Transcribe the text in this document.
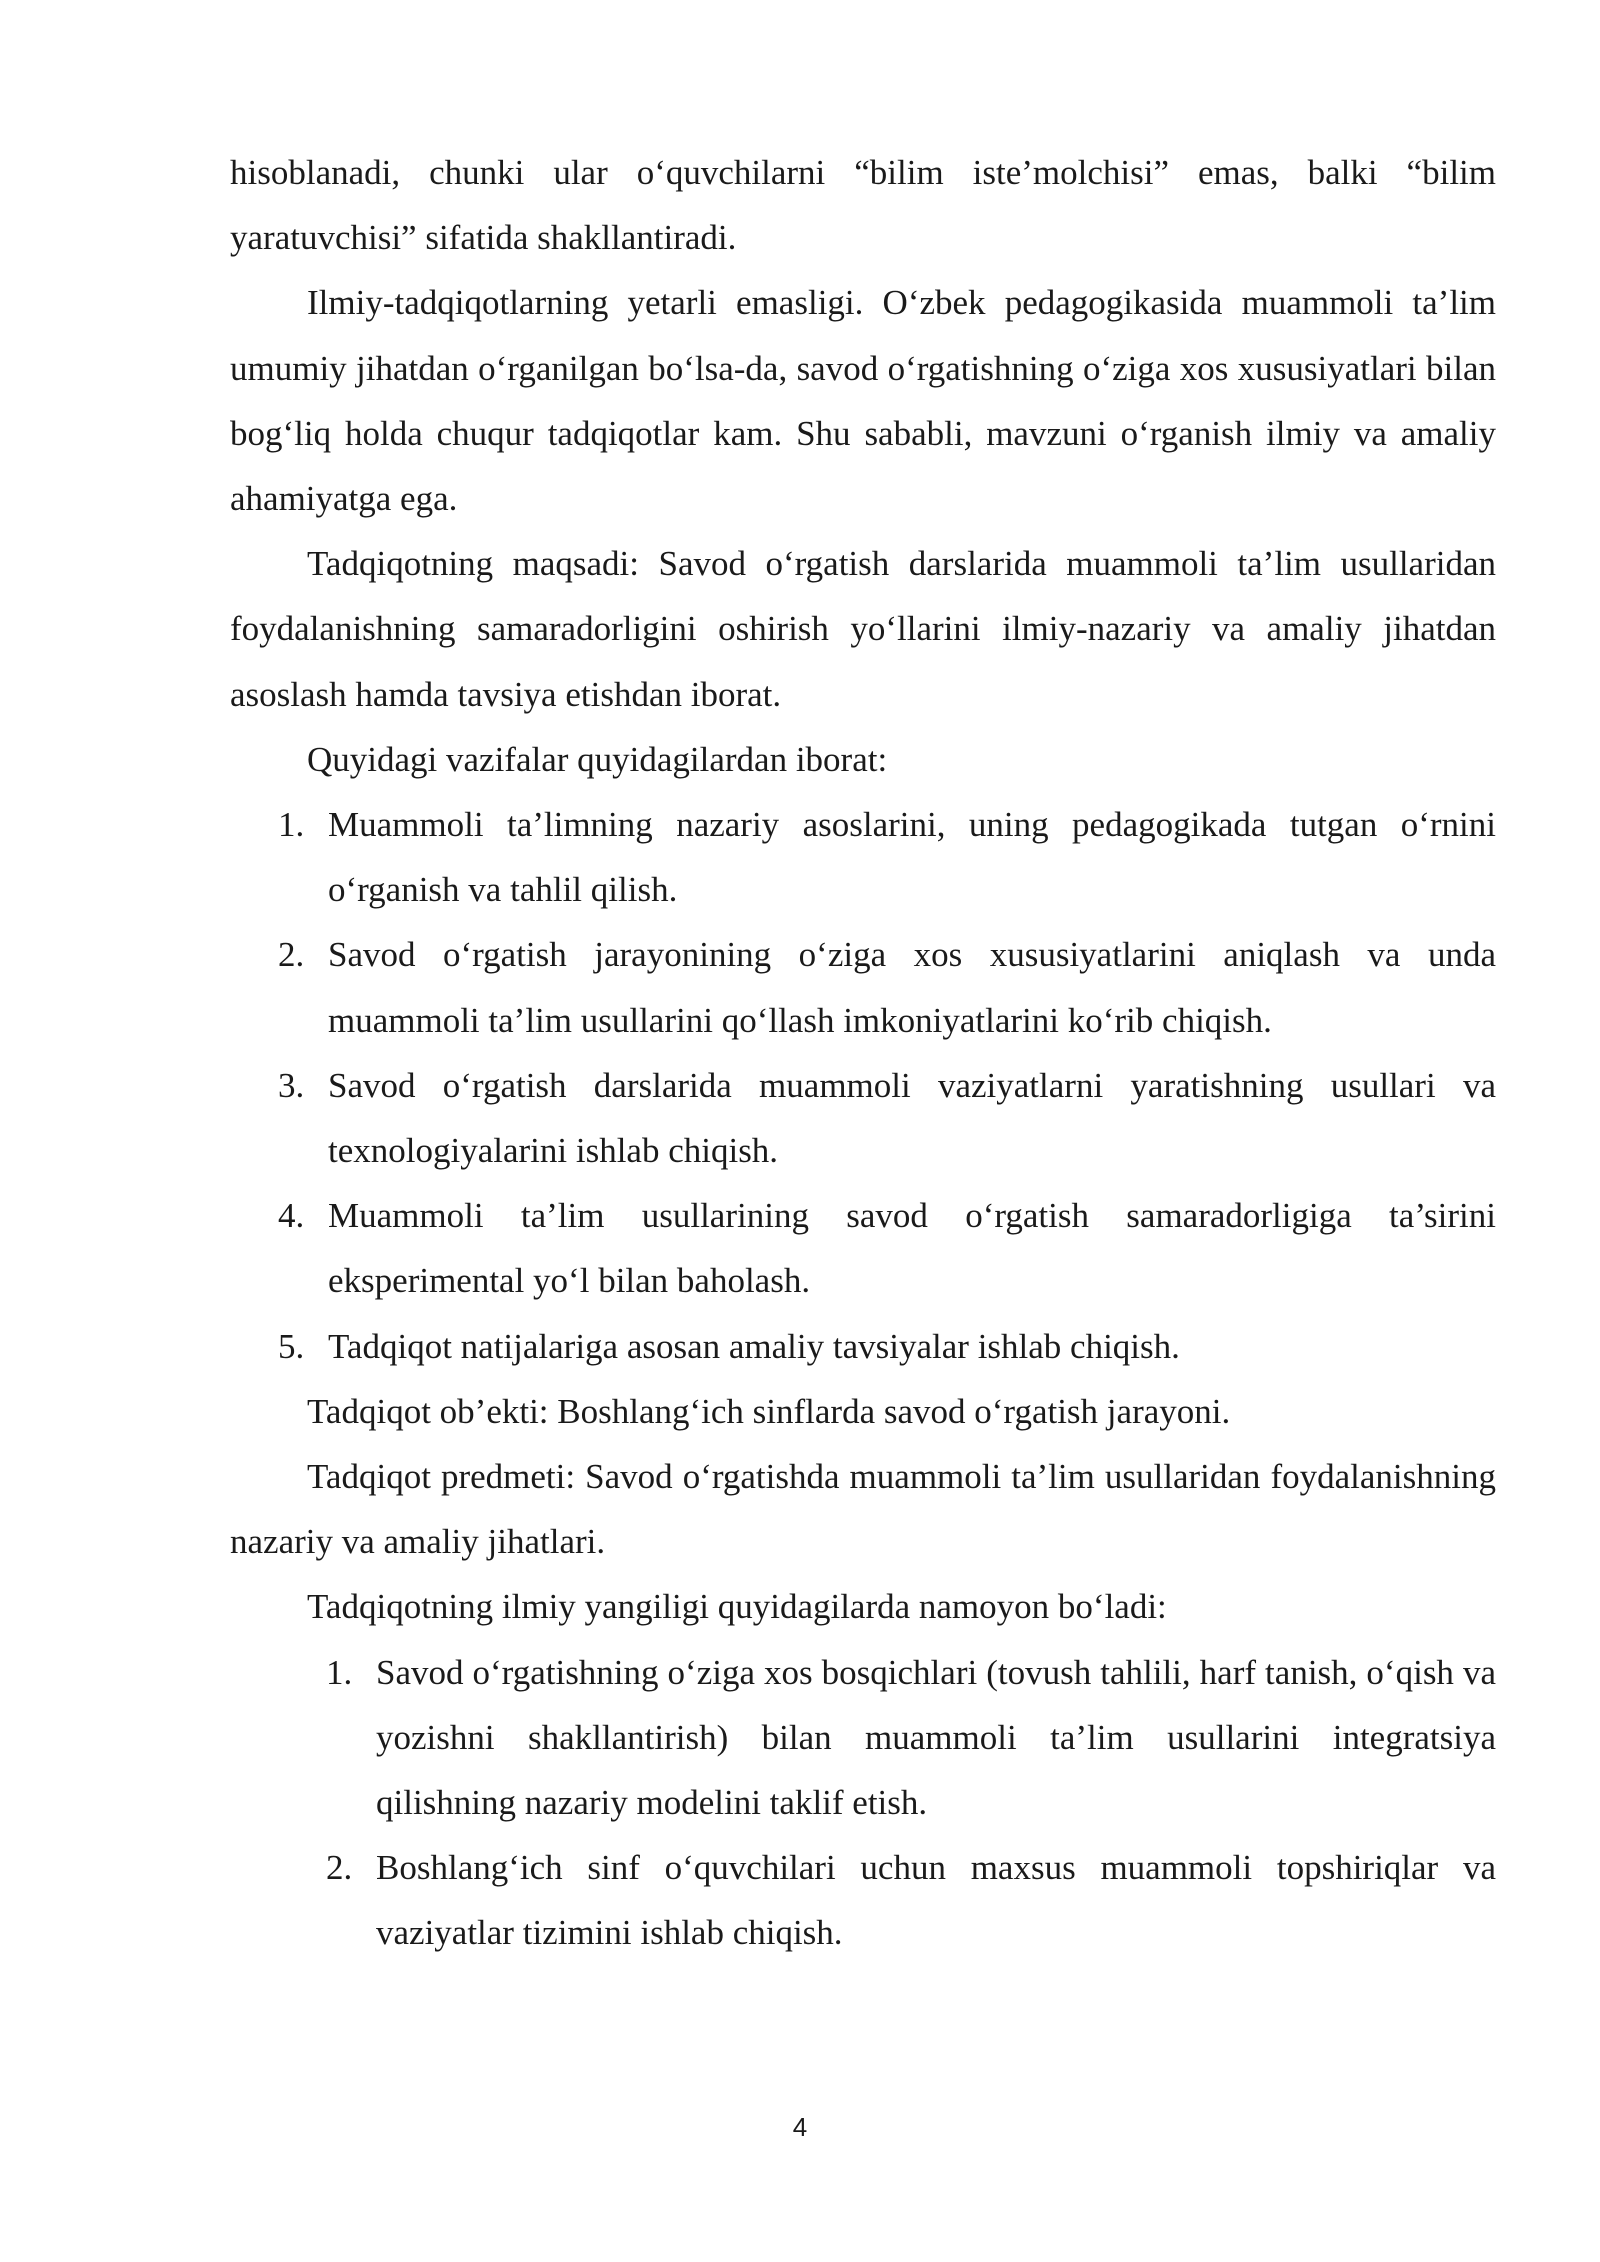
hisoblanadi, chunki ular o‘quvchilarni “bilim iste’molchisi” emas, balki “bilim yaratuvchisi” sifatida shakllantiradi.

Ilmiy-tadqiqotlarning yetarli emasligi. O‘zbek pedagogikasida muammoli ta’lim umumiy jihatdan o‘rganilgan bo‘lsa-da, savod o‘rgatishning o‘ziga xos xususiyatlari bilan bog‘liq holda chuqur tadqiqotlar kam. Shu sababli, mavzuni o‘rganish ilmiy va amaliy ahamiyatga ega.

Tadqiqotning maqsadi: Savod o‘rgatish darslarida muammoli ta’lim usullaridan foydalanishning samaradorligini oshirish yo‘llarini ilmiy-nazariy va amaliy jihatdan asoslash hamda tavsiya etishdan iborat.

Quyidagi vazifalar quyidagilardan iborat:

1. Muammoli ta’limning nazariy asoslarini, uning pedagogikada tutgan o‘rnini o‘rganish va tahlil qilish.
2. Savod o‘rgatish jarayonining o‘ziga xos xususiyatlarini aniqlash va unda muammoli ta’lim usullarini qo‘llash imkoniyatlarini ko‘rib chiqish.
3. Savod o‘rgatish darslarida muammoli vaziyatlarni yaratishning usullari va texnologiyalarini ishlab chiqish.
4. Muammoli ta’lim usullarining savod o‘rgatish samaradorligiga ta’sirini eksperimental yo‘l bilan baholash.
5. Tadqiqot natijalariga asosan amaliy tavsiyalar ishlab chiqish.

Tadqiqot ob’ekti: Boshlang‘ich sinflarda savod o‘rgatish jarayoni.

Tadqiqot predmeti: Savod o‘rgatishda muammoli ta’lim usullaridan foydalanishning nazariy va amaliy jihatlari.

Tadqiqotning ilmiy yangiligi quyidagilarda namoyon bo‘ladi:

1. Savod o‘rgatishning o‘ziga xos bosqichlari (tovush tahlili, harf tanish, o‘qish va yozishni shakllantirish) bilan muammoli ta’lim usullarini integratsiya qilishning nazariy modelini taklif etish.
2. Boshlang‘ich sinf o‘quvchilari uchun maxsus muammoli topshiriqlar va vaziyatlar tizimini ishlab chiqish.
4
